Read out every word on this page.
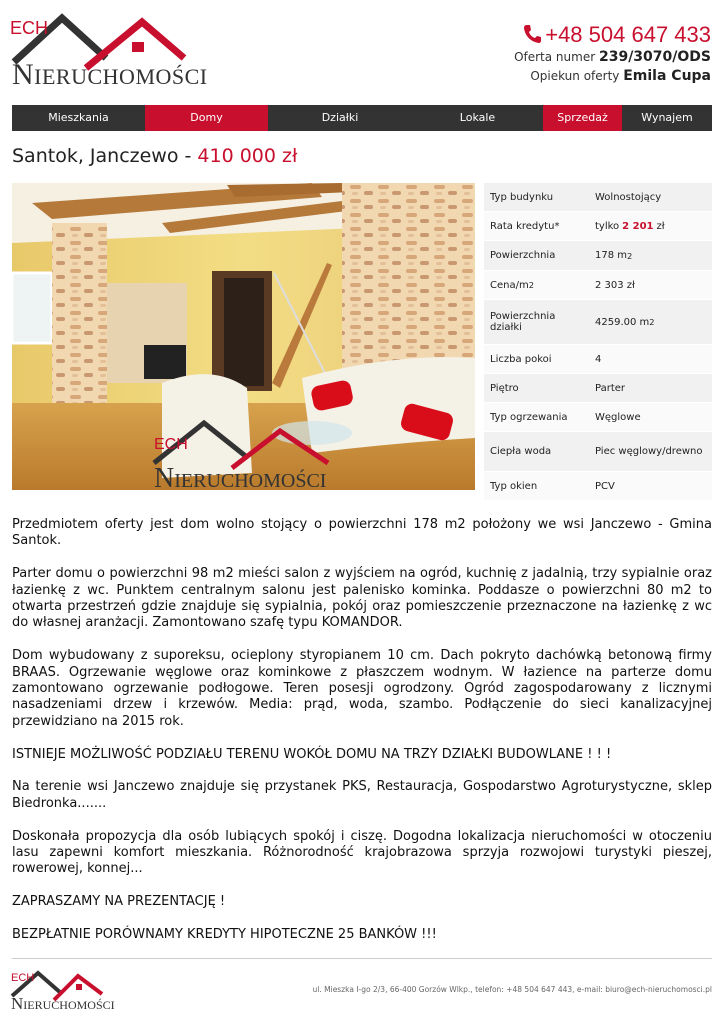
ECH
NIERUCHOMOŚCI
+48 504 647 433
Oferta numer 239/3070/ODS
Opiekun oferty Emila Cupa
Mieszkania	Domy	Działki	Lokale	Sprzedaż	Wynajem
Santok, Janczewo - 410 000 zł
ECH
NIERUCHOMOŚCI
Typ budynku	Wolnostojący
Rata kredytu*	tylko 2 201 zł
Powierzchnia	178 m 2
Cena/m 2	2 303 zł
Powierzchnia działki	4259.00 m 2
Liczba pokoi	4
Piętro	Parter
Typ ogrzewania	Węglowe
Ciepła woda	Piec węglowy/drewno
Typ okien	PCV

Przedmiotem oferty jest dom wolno stojący o powierzchni 178 m2 położony we wsi Janczewo - Gmina Santok.

Parter domu o powierzchni 98 m2 mieści salon z wyjściem na ogród, kuchnię z jadalnią, trzy sypialnie oraz łazienkę z wc. Punktem centralnym salonu jest palenisko kominka. Poddasze o powierzchni 80 m2 to otwarta przestrzeń gdzie znajduje się sypialnia, pokój oraz pomieszczenie przeznaczone na łazienkę z wc do własnej aranżacji. Zamontowano szafę typu KOMANDOR.

Dom wybudowany z suporeksu, ocieplony styropianem 10 cm. Dach pokryto dachówką betonową firmy BRAAS. Ogrzewanie węglowe oraz kominkowe z płaszczem wodnym. W łazience na parterze domu zamontowano ogrzewanie podłogowe. Teren posesji ogrodzony. Ogród zagospodarowany z licznymi nasadzeniami drzew i krzewów. Media: prąd, woda, szambo. Podłączenie do sieci kanalizacyjnej przewidziano na 2015 rok.

ISTNIEJE MOŻLIWOŚĆ PODZIAŁU TERENU WOKÓŁ DOMU NA TRZY DZIAŁKI BUDOWLANE ! ! !

Na terenie wsi Janczewo znajduje się przystanek PKS, Restauracja, Gospodarstwo Agroturystyczne, sklep Biedronka.......

Doskonała propozycja dla osób lubiących spokój i ciszę. Dogodna lokalizacja nieruchomości w otoczeniu lasu zapewni komfort mieszkania. Różnorodność krajobrazowa sprzyja rozwojowi turystyki pieszej, rowerowej, konnej...

ZAPRASZAMY NA PREZENTACJĘ !

BEZPŁATNIE PORÓWNAMY KREDYTY HIPOTECZNE 25 BANKÓW !!!

ECH
NIERUCHOMOŚCI
ul. Mieszka I-go 2/3, 66-400 Gorzów Wlkp., telefon: +48 504 647 443, e-mail: biuro@ech-nieruchomosci.pl
